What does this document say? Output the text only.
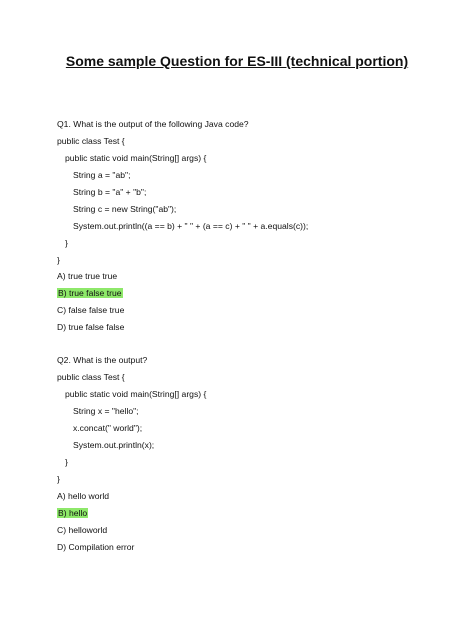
Some sample Question for ES-III (technical portion)
Q1. What is the output of the following Java code?
public class Test {
public static void main(String[] args) {
String a = "ab";
String b = "a" + "b";
String c = new String("ab");
System.out.println((a == b) + " " + (a == c) + " " + a.equals(c));
}
}
A) true true true
B) true false true
C) false false true
D) true false false
Q2. What is the output?
public class Test {
public static void main(String[] args) {
String x = "hello";
x.concat(" world");
System.out.println(x);
}
}
A) hello world
B) hello
C) helloworld
D) Compilation error
